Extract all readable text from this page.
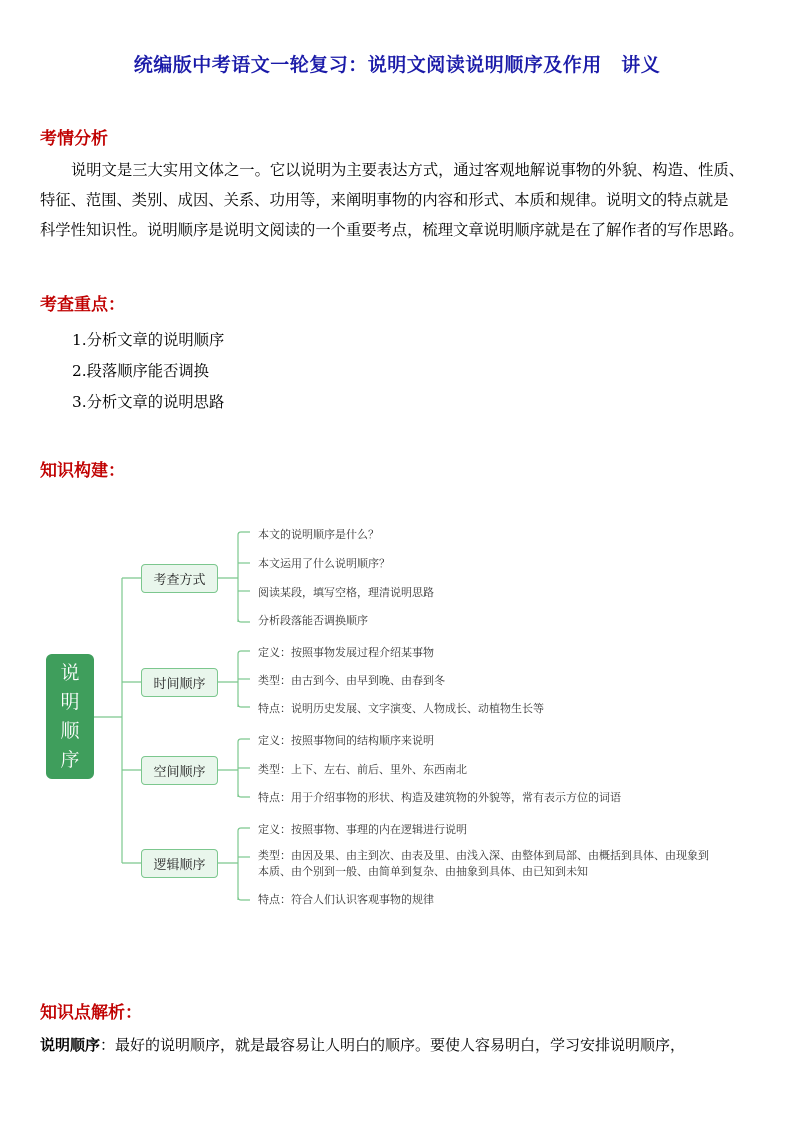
统编版中考语文一轮复习：说明文阅读说明顺序及作用　讲义
考情分析
说明文是三大实用文体之一。它以说明为主要表达方式，通过客观地解说事物的外貌、构造、性质、
特征、范围、类别、成因、关系、功用等，来阐明事物的内容和形式、本质和规律。说明文的特点就是
科学性知识性。说明顺序是说明文阅读的一个重要考点，梳理文章说明顺序就是在了解作者的写作思路。
考查重点：
1.分析文章的说明顺序
2.段落顺序能否调换
3.分析文章的说明思路
知识构建：
说
明
顺
序
考查方式
时间顺序
空间顺序
逻辑顺序
本文的说明顺序是什么？
本文运用了什么说明顺序？
阅读某段，填写空格，理清说明思路
分析段落能否调换顺序
定义：按照事物发展过程介绍某事物
类型：由古到今、由早到晚、由春到冬
特点：说明历史发展、文字演变、人物成长、动植物生长等
定义：按照事物间的结构顺序来说明
类型：上下、左右、前后、里外、东西南北
特点：用于介绍事物的形状、构造及建筑物的外貌等，常有表示方位的词语
定义：按照事物、事理的内在逻辑进行说明
类型：由因及果、由主到次、由表及里、由浅入深、由整体到局部、由概括到具体、由现象到本质、由个别到一般、由简单到复杂、由抽象到具体、由已知到未知
特点：符合人们认识客观事物的规律
知识点解析：
说明顺序：最好的说明顺序，就是最容易让人明白的顺序。要使人容易明白，学习安排说明顺序，
